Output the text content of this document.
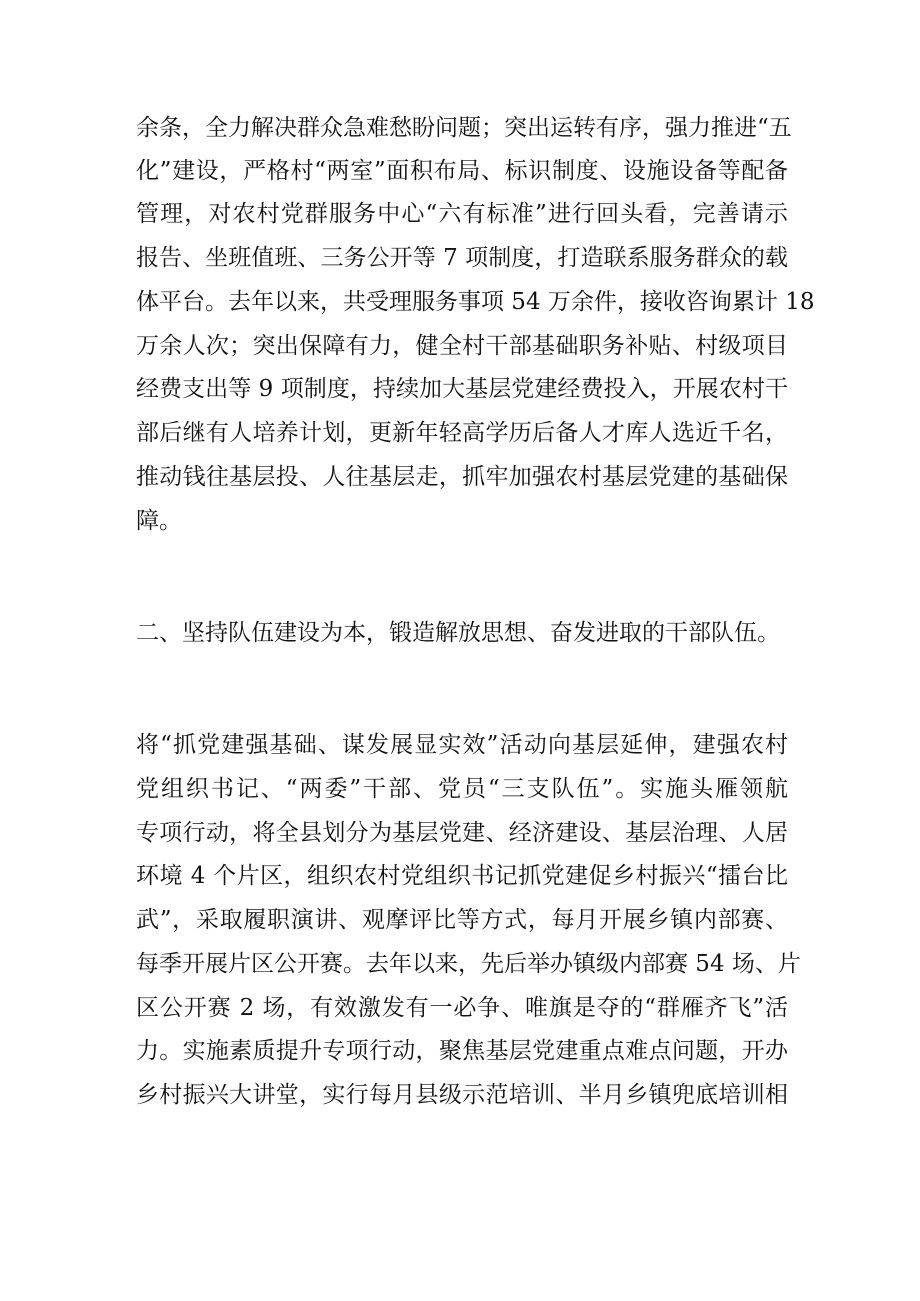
余条，全力解决群众急难愁盼问题；突出运转有序，强力推进“五
化”建设，严格村“两室”面积布局、标识制度、设施设备等配备
管理，对农村党群服务中心“六有标准”进行回头看，完善请示
报告、坐班值班、三务公开等 7 项制度，打造联系服务群众的载
体平台。去年以来，共受理服务事项 54 万余件，接收咨询累计 18
万余人次；突出保障有力，健全村干部基础职务补贴、村级项目
经费支出等 9 项制度，持续加大基层党建经费投入，开展农村干
部后继有人培养计划，更新年轻高学历后备人才库人选近千名，
推动钱往基层投、人往基层走，抓牢加强农村基层党建的基础保
障。
二、坚持队伍建设为本，锻造解放思想、奋发进取的干部队伍。
将“抓党建强基础、谋发展显实效”活动向基层延伸，建强农村
党组织书记、“两委”干部、党员“三支队伍”。实施头雁领航
专项行动，将全县划分为基层党建、经济建设、基层治理、人居
环境 4 个片区，组织农村党组织书记抓党建促乡村振兴“擂台比
武”，采取履职演讲、观摩评比等方式，每月开展乡镇内部赛、
每季开展片区公开赛。去年以来，先后举办镇级内部赛 54 场、片
区公开赛 2 场，有效激发有一必争、唯旗是夺的“群雁齐飞”活
力。实施素质提升专项行动，聚焦基层党建重点难点问题，开办
乡村振兴大讲堂，实行每月县级示范培训、半月乡镇兜底培训相
